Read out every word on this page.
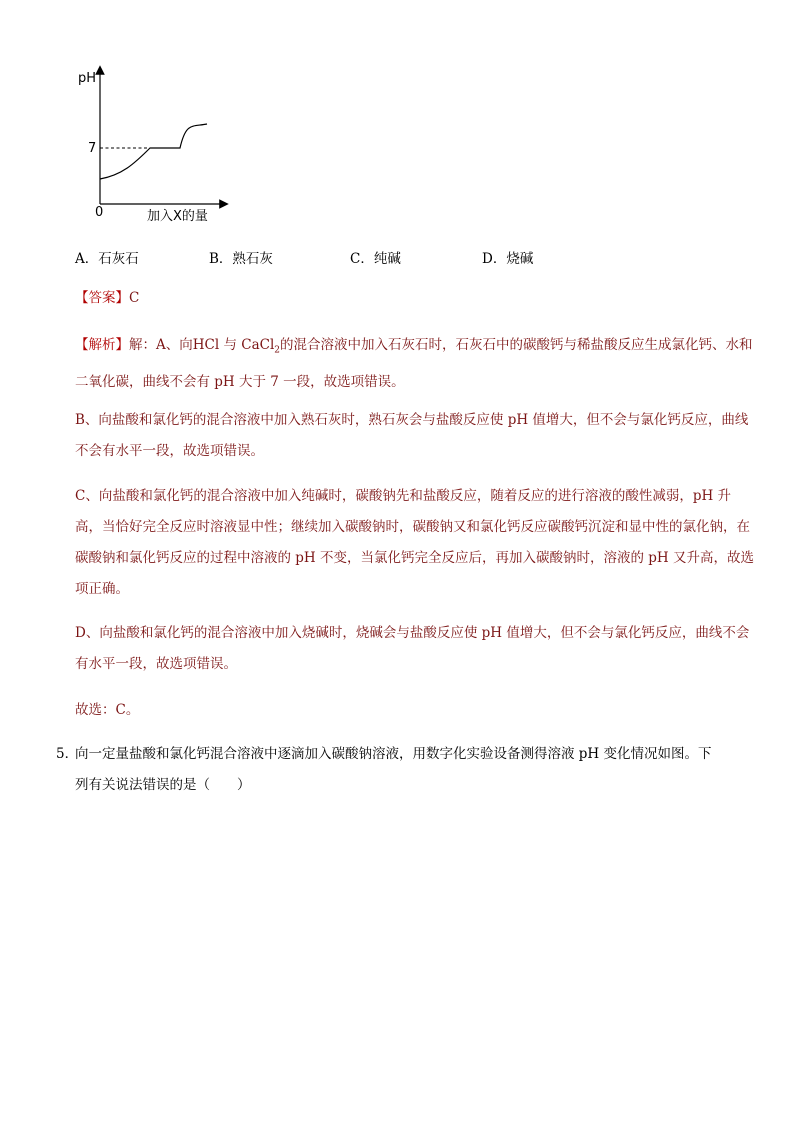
pH
7
0	加入X的量
A．石灰石	B．熟石灰	C．纯碱	D．烧碱
【答案】C
【解析】解：A、向HCl 与 CaCl$_2$的混合溶液中加入石灰石时，石灰石中的碳酸钙与稀盐酸反应生成氯化钙、水和二氧化碳，曲线不会有 pH 大于 7 一段，故选项错误。
B、向盐酸和氯化钙的混合溶液中加入熟石灰时，熟石灰会与盐酸反应使 pH 值增大，但不会与氯化钙反应，曲线不会有水平一段，故选项错误。
C、向盐酸和氯化钙的混合溶液中加入纯碱时，碳酸钠先和盐酸反应，随着反应的进行溶液的酸性减弱，pH 升高，当恰好完全反应时溶液显中性；继续加入碳酸钠时，碳酸钠又和氯化钙反应碳酸钙沉淀和显中性的氯化钠，在碳酸钠和氯化钙反应的过程中溶液的 pH 不变，当氯化钙完全反应后，再加入碳酸钠时，溶液的 pH 又升高，故选项正确。
D、向盐酸和氯化钙的混合溶液中加入烧碱时，烧碱会与盐酸反应使 pH 值增大，但不会与氯化钙反应，曲线不会有水平一段，故选项错误。
故选：C。
5．向一定量盐酸和氯化钙混合溶液中逐滴加入碳酸钠溶液，用数字化实验设备测得溶液 pH 变化情况如图。下
列有关说法错误的是（　　）
